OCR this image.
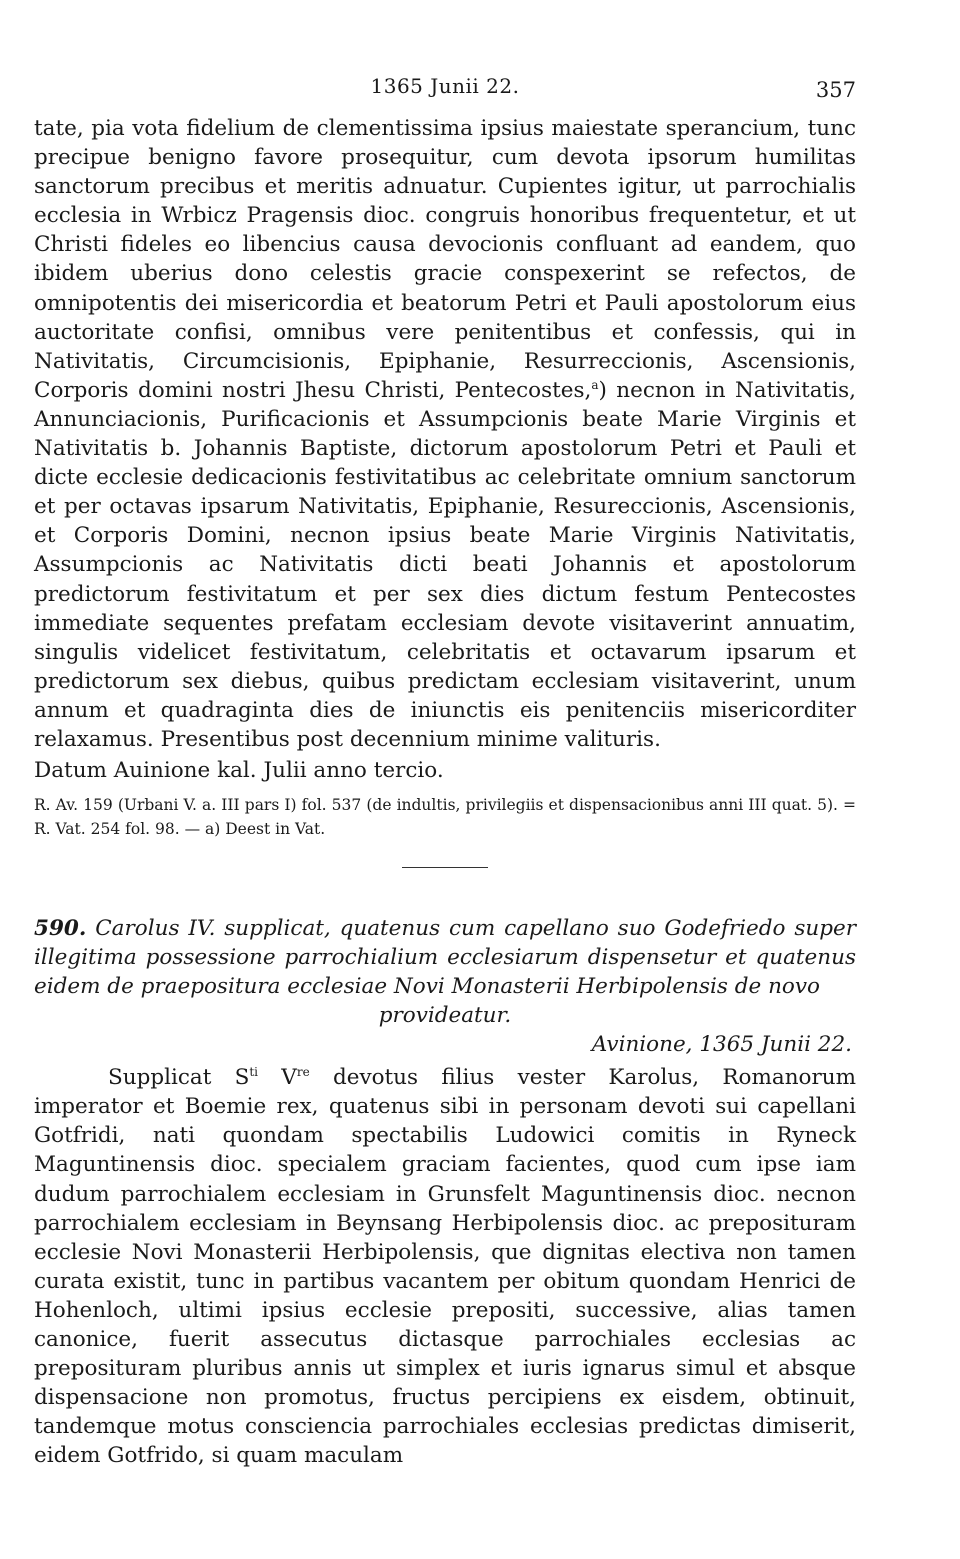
1365 Junii 22.	357

tate, pia vota fidelium de clementissima ipsius maiestate sperancium, tunc precipue benigno favore prosequitur, cum devota ipsorum humilitas sanctorum precibus et meritis adnuatur. Cupientes igitur, ut parrochialis ecclesia in Wrbicz Pragensis dioc. congruis honoribus frequentetur, et ut Christi fideles eo libencius causa devocionis confluant ad eandem, quo ibidem uberius dono celestis gracie conspexerint se refectos, de omnipotentis dei misericordia et beatorum Petri et Pauli apostolorum eius auctoritate confisi, omnibus vere penitentibus et confessis, qui in Nativitatis, Circumcisionis, Epiphanie, Resurreccionis, Ascensionis, Corporis domini nostri Jhesu Christi, Pentecostes,$^a$) necnon in Nativitatis, Annunciacionis, Purificacionis et Assumpcionis beate Marie Virginis et Nativitatis b. Johannis Baptiste, dictorum apostolorum Petri et Pauli et dicte ecclesie dedicacionis festivitatibus ac celebritate omnium sanctorum et per octavas ipsarum Nativitatis, Epiphanie, Resureccionis, Ascensionis, et Corporis Domini, necnon ipsius beate Marie Virginis Nativitatis, Assumpcionis ac Nativitatis dicti beati Johannis et apostolorum predictorum festivitatum et per sex dies dictum festum Pentecostes immediate sequentes prefatam ecclesiam devote visitaverint annuatim, singulis videlicet festivitatum, celebritatis et octavarum ipsarum et predictorum sex diebus, quibus predictam ecclesiam visitaverint, unum annum et quadraginta dies de iniunctis eis penitenciis misericorditer relaxamus. Presentibus post decennium minime valituris.

Datum Auinione kal. Julii anno tercio.

R. Av. 159 (Urbani V. a. III pars I) fol. 537 (de indultis, privilegiis et dispensacionibus anni III quat. 5). = R. Vat. 254 fol. 98. — a) Deest in Vat.
590. Carolus IV. supplicat, quatenus cum capellano suo Godefriedo super illegitima possessione parrochialium ecclesiarum dispensetur et quatenus eidem de praepositura ecclesiae Novi Monasterii Herbipolensis de novo
provideatur.
Avinione, 1365 Junii 22.

Supplicat $S^{ti}$ Vre devotus filius vester Karolus, Romanorum imperator et Boemie rex, quatenus sibi in personam devoti sui capellani Gotfridi, nati quondam spectabilis Ludowici comitis in Ryneck Maguntinensis dioc. specialem graciam facientes, quod cum ipse iam dudum parrochialem ecclesiam in Grunsfelt Maguntinensis dioc. necnon parrochialem ecclesiam in Beynsang Herbipolensis dioc. ac preposituram ecclesie Novi Monasterii Herbipolensis, que dignitas electiva non tamen curata existit, tunc in partibus vacantem per obitum quondam Henrici de Hohenloch, ultimi ipsius ecclesie prepositi, successive, alias tamen canonice, fuerit assecutus dictasque parrochiales ecclesias ac preposituram pluribus annis ut simplex et iuris ignarus simul et absque dispensacione non promotus, fructus percipiens ex eisdem, obtinuit, tandemque motus consciencia parrochiales ecclesias predictas dimiserit, eidem Gotfrido, si quam maculam
